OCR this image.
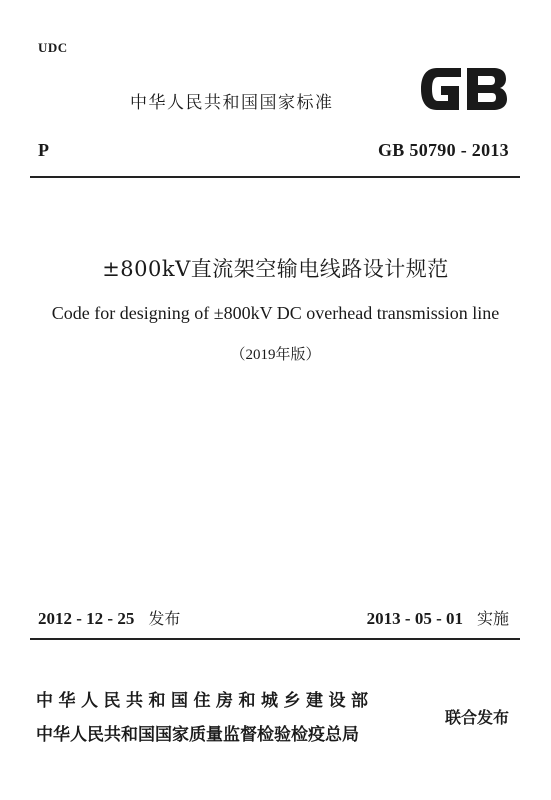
UDC
中华人民共和国国家标准
P	GB 50790 - 2013
±800kV直流架空输电线路设计规范
Code for designing of ±800kV DC overhead transmission line
（2019年版）
2012 - 12 - 25 发布	2013 - 05 - 01 实施
中华人民共和国住房和城乡建设部
中华人民共和国国家质量监督检验检疫总局
联合发布
